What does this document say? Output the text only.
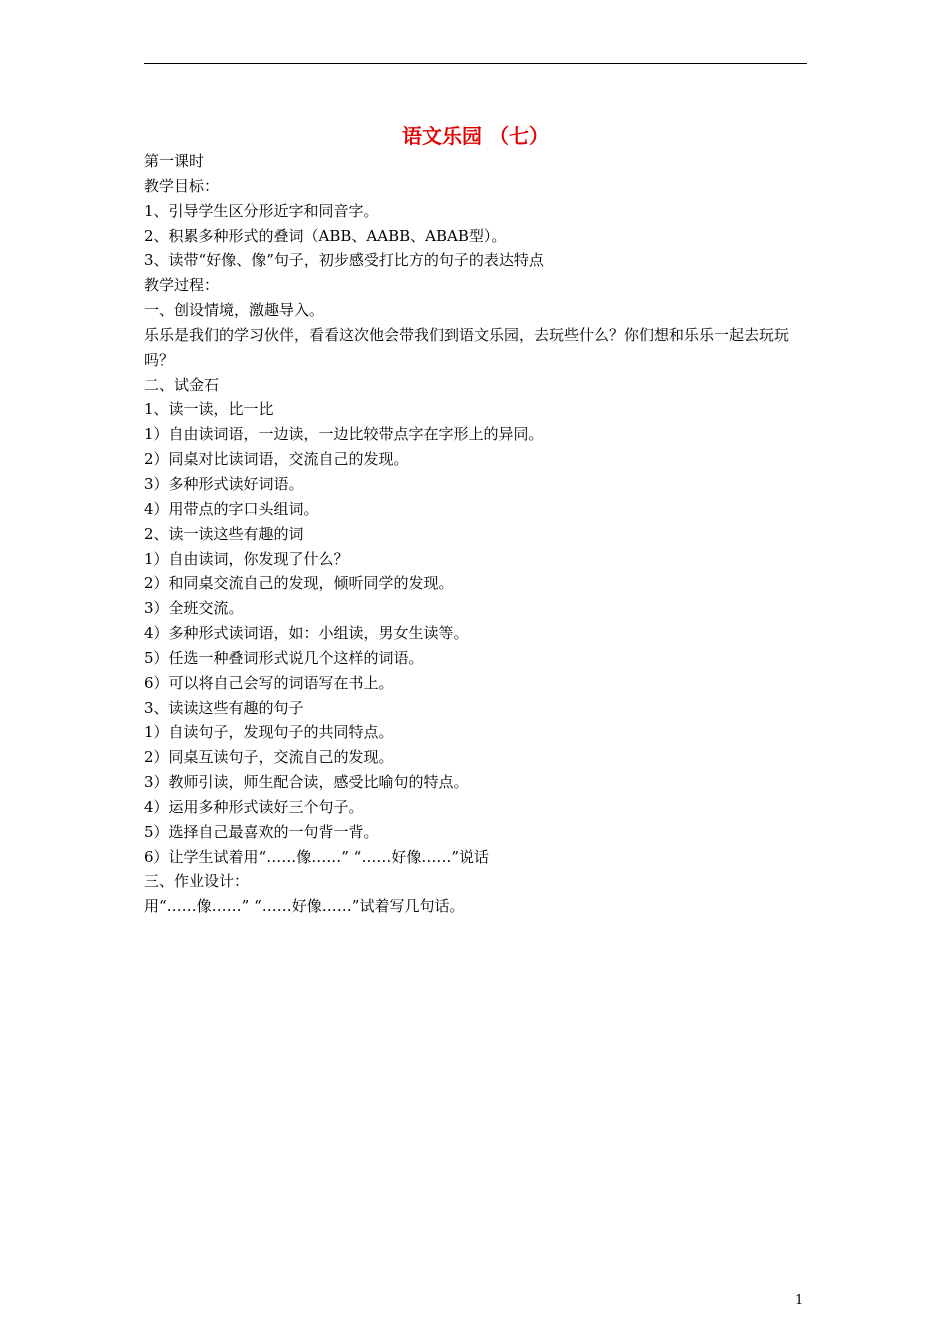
语文乐园 （七）

第一课时

教学目标：

1、引导学生区分形近字和同音字。

2、积累多种形式的叠词（ABB、AABB、ABAB型）。

3、读带“好像、像”句子，初步感受打比方的句子的表达特点

教学过程：

一、创设情境，激趣导入。

乐乐是我们的学习伙伴，看看这次他会带我们到语文乐园，去玩些什么？你们想和乐乐一起去玩玩吗？

二、试金石

1、读一读，比一比

1）自由读词语，一边读，一边比较带点字在字形上的异同。

2）同桌对比读词语，交流自己的发现。

3）多种形式读好词语。

4）用带点的字口头组词。

2、读一读这些有趣的词

1）自由读词，你发现了什么？

2）和同桌交流自己的发现，倾听同学的发现。

3）全班交流。

4）多种形式读词语，如：小组读，男女生读等。

5）任选一种叠词形式说几个这样的词语。

6）可以将自己会写的词语写在书上。

3、读读这些有趣的句子

1）自读句子，发现句子的共同特点。

2）同桌互读句子，交流自己的发现。

3）教师引读，师生配合读，感受比喻句的特点。

4）运用多种形式读好三个句子。

5）选择自己最喜欢的一句背一背。

6）让学生试着用“……像……” “……好像……”说话

三、作业设计：

用“……像……” “……好像……”试着写几句话。

1
